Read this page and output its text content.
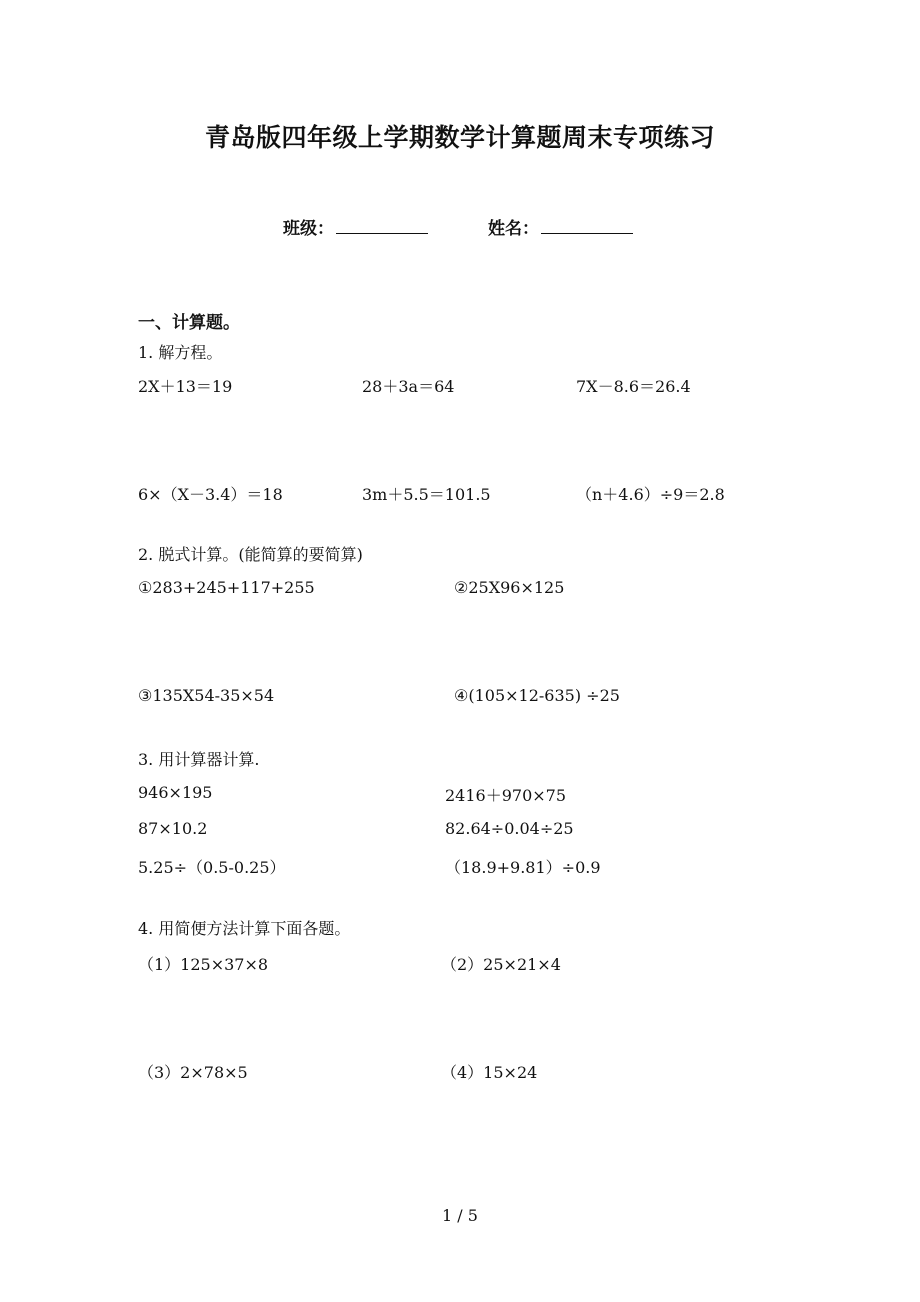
青岛版四年级上学期数学计算题周末专项练习
班级：	姓名：
一、计算题。
1. 解方程。
2X＋13＝19	28＋3a＝64	7X－8.6＝26.4
6×（X－3.4）＝18	3m＋5.5＝101.5	（n＋4.6）÷9＝2.8
2. 脱式计算。(能简算的要简算)
①283+245+117+255	②25X96×125
③135X54-35×54	④(105×12-635) ÷25
3. 用计算器计算.
946×195	2416＋970×75
87×10.2	82.64÷0.04÷25
5.25÷（0.5-0.25）	（18.9+9.81）÷0.9
4. 用简便方法计算下面各题。
（1）125×37×8	（2）25×21×4
（3）2×78×5	（4）15×24
1 / 5
